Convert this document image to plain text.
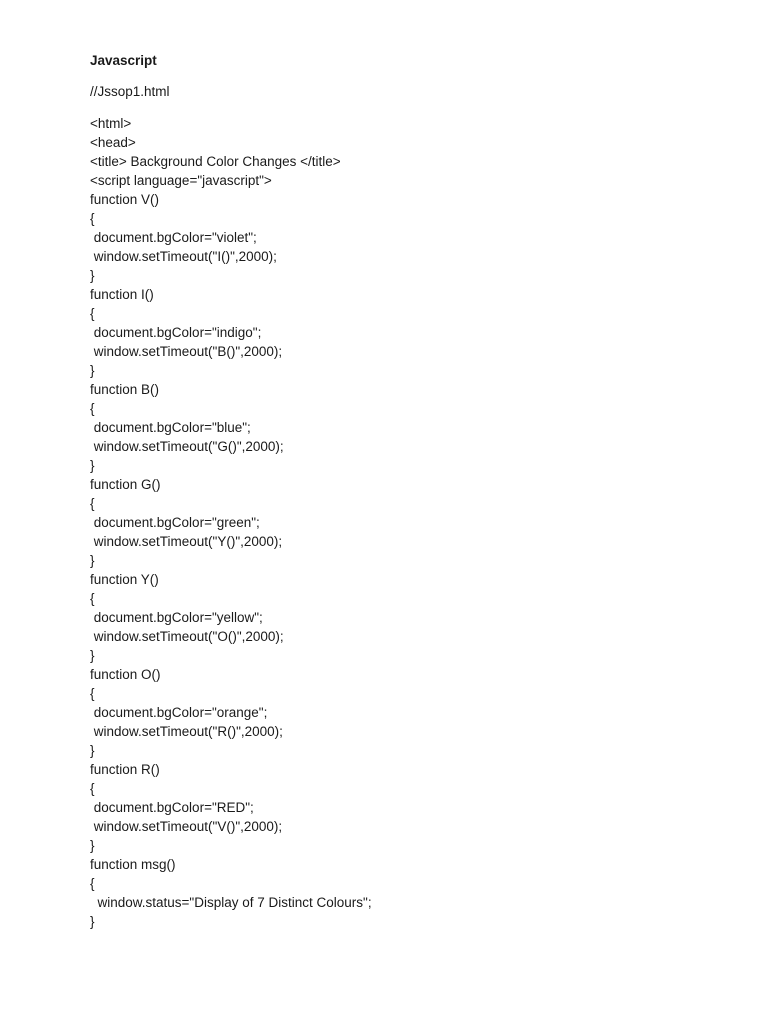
Javascript
//Jssop1.html
<html>
<head>
<title> Background Color Changes </title>
<script language="javascript">
function V()
{
document.bgColor="violet";
window.setTimeout("I()",2000);
}
function I()
{
document.bgColor="indigo";
window.setTimeout("B()",2000);
}
function B()
{
document.bgColor="blue";
window.setTimeout("G()",2000);
}
function G()
{
document.bgColor="green";
window.setTimeout("Y()",2000);
}
function Y()
{
document.bgColor="yellow";
window.setTimeout("O()",2000);
}
function O()
{
document.bgColor="orange";
window.setTimeout("R()",2000);
}
function R()
{
document.bgColor="RED";
window.setTimeout("V()",2000);
}
function msg()
{
window.status="Display of 7 Distinct Colours";
}
